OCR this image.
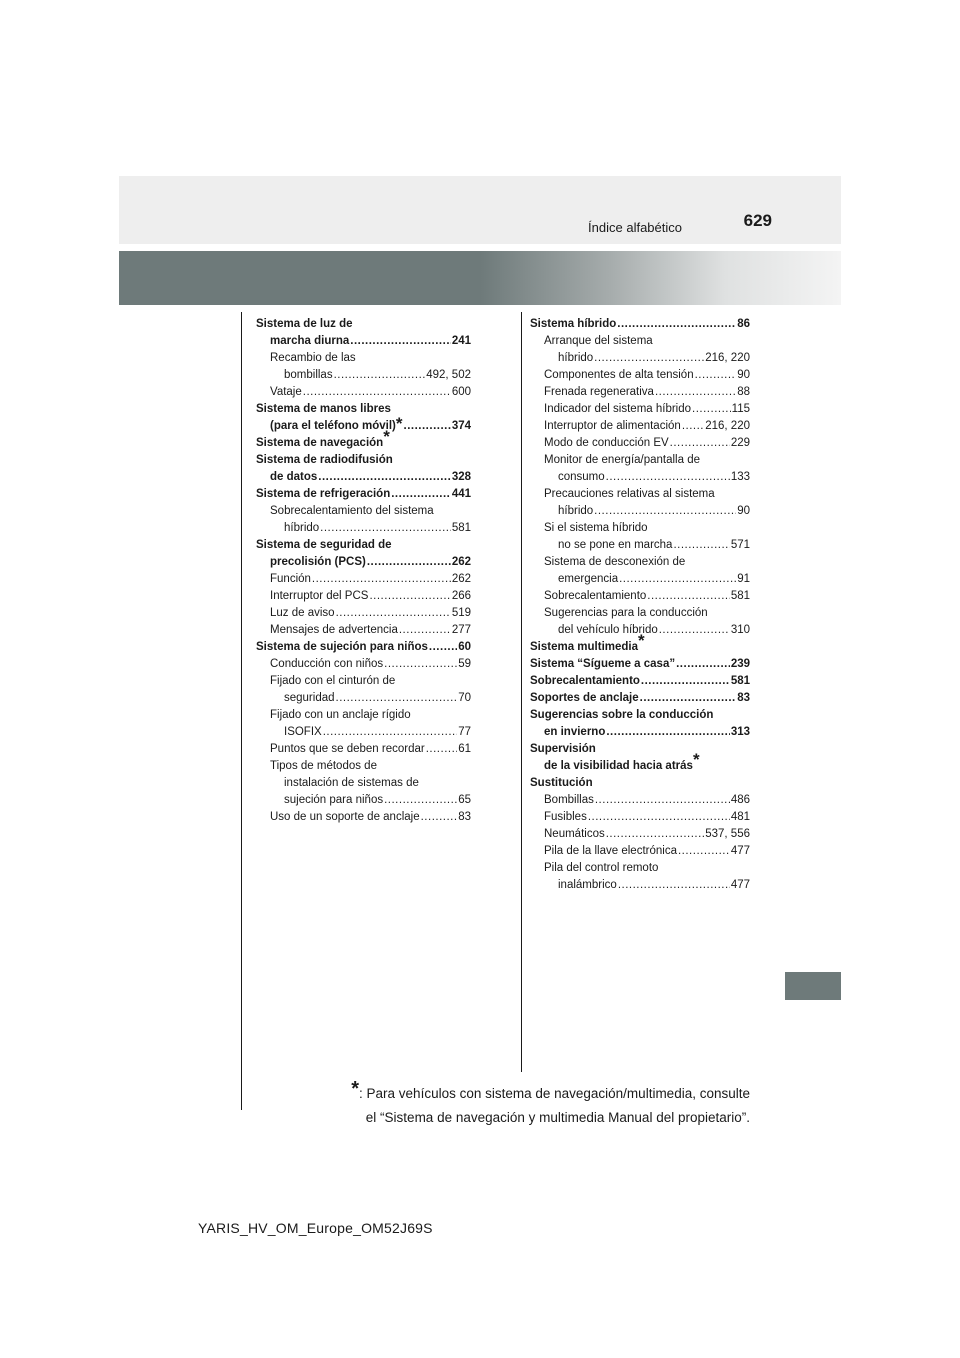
629
Índice alfabético
Sistema de luz de
marcha diurna .....	241
Recambio de las
bombillas .....	492, 502
Vataje .....	600
Sistema de manos libres
(para el teléfono móvil) * .....	374
Sistema de navegación*
Sistema de radiodifusión
de datos .....	328
Sistema de refrigeración .....	441
Sobrecalentamiento del sistema
híbrido .....	581
Sistema de seguridad de
precolisión (PCS) .....	262
Función .....	262
Interruptor del PCS .....	266
Luz de aviso .....	519
Mensajes de advertencia .....	277
Sistema de sujeción para niños .....	60
Conducción con niños .....	59
Fijado con el cinturón de
seguridad .....	70
Fijado con un anclaje rígido
ISOFIX .....	77
Puntos que se deben recordar .....	61
Tipos de métodos de
instalación de sistemas de
sujeción para niños .....	65
Uso de un soporte de anclaje .....	83
Sistema híbrido .....	86
Arranque del sistema
híbrido .....	216, 220
Componentes de alta tensión .....	90
Frenada regenerativa .....	88
Indicador del sistema híbrido .....	115
Interruptor de alimentación ..... 216, 220
Modo de conducción EV .....	229
Monitor de energía/pantalla de
consumo .....	133
Precauciones relativas al sistema
híbrido .....	90
Si el sistema híbrido
no se pone en marcha .....	571
Sistema de desconexión de
emergencia .....	91
Sobrecalentamiento .....	581
Sugerencias para la conducción
del vehículo híbrido .....	310
Sistema multimedia*
Sistema “Sígueme a casa” .....	239
Sobrecalentamiento .....	581
Soportes de anclaje .....	83
Sugerencias sobre la conducción
en invierno .....	313
Supervisión
de la visibilidad hacia atrás*
Sustitución
Bombillas .....	486
Fusibles .....	481
Neumáticos .....	537, 556
Pila de la llave electrónica .....	477
Pila del control remoto
inalámbrico .....	477
*: Para vehículos con sistema de navegación/multimedia, consulte
el “Sistema de navegación y multimedia Manual del propietario”.
YARIS_HV_OM_Europe_OM52J69S
